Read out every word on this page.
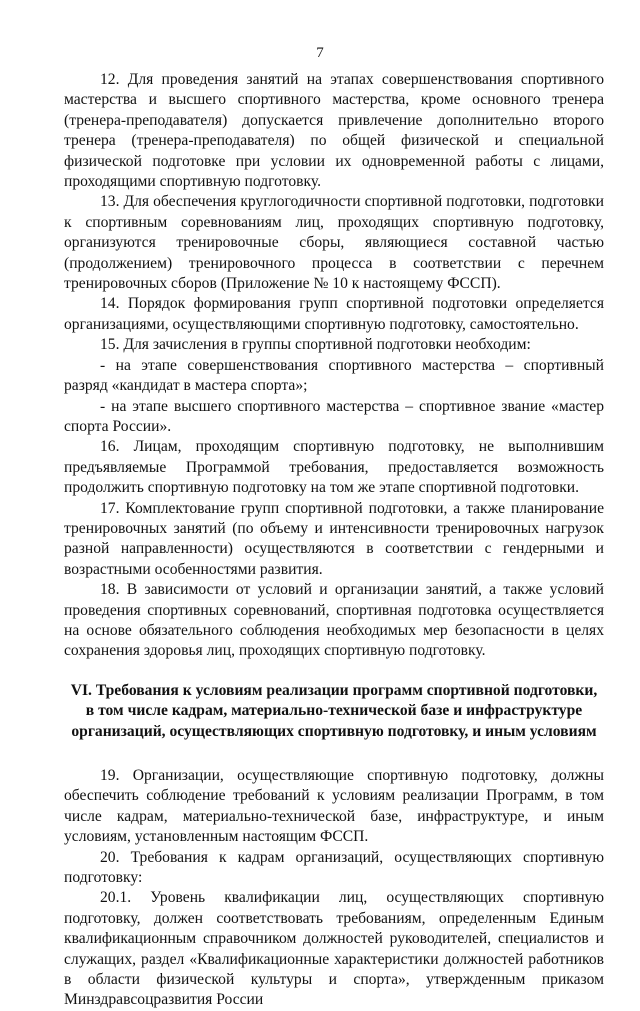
7

12. Для проведения занятий на этапах совершенствования спортивного мастерства и высшего спортивного мастерства, кроме основного тренера (тренера-преподавателя) допускается привлечение дополнительно второго тренера (тренера-преподавателя) по общей физической и специальной физической подготовке при условии их одновременной работы с лицами, проходящими спортивную подготовку.

13. Для обеспечения круглогодичности спортивной подготовки, подготовки к спортивным соревнованиям лиц, проходящих спортивную подготовку, организуются тренировочные сборы, являющиеся составной частью (продолжением) тренировочного процесса в соответствии с перечнем тренировочных сборов (Приложение № 10 к настоящему ФССП).

14. Порядок формирования групп спортивной подготовки определяется организациями, осуществляющими спортивную подготовку, самостоятельно.

15. Для зачисления в группы спортивной подготовки необходим:

- на этапе совершенствования спортивного мастерства – спортивный разряд «кандидат в мастера спорта»;

- на этапе высшего спортивного мастерства – спортивное звание «мастер спорта России».

16. Лицам, проходящим спортивную подготовку, не выполнившим предъявляемые Программой требования, предоставляется возможность продолжить спортивную подготовку на том же этапе спортивной подготовки.

17. Комплектование групп спортивной подготовки, а также планирование тренировочных занятий (по объему и интенсивности тренировочных нагрузок разной направленности) осуществляются в соответствии с гендерными и возрастными особенностями развития.

18. В зависимости от условий и организации занятий, а также условий проведения спортивных соревнований, спортивная подготовка осуществляется на основе обязательного соблюдения необходимых мер безопасности в целях сохранения здоровья лиц, проходящих спортивную подготовку.

VI. Требования к условиям реализации программ спортивной подготовки, в том числе кадрам, материально-технической базе и инфраструктуре организаций, осуществляющих спортивную подготовку, и иным условиям

19. Организации, осуществляющие спортивную подготовку, должны обеспечить соблюдение требований к условиям реализации Программ, в том числе кадрам, материально-технической базе, инфраструктуре, и иным условиям, установленным настоящим ФССП.

20. Требования к кадрам организаций, осуществляющих спортивную подготовку:

20.1. Уровень квалификации лиц, осуществляющих спортивную подготовку, должен соответствовать требованиям, определенным Единым квалификационным справочником должностей руководителей, специалистов и служащих, раздел «Квалификационные характеристики должностей работников в области физической культуры и спорта», утвержденным приказом Минздравсоцразвития России
